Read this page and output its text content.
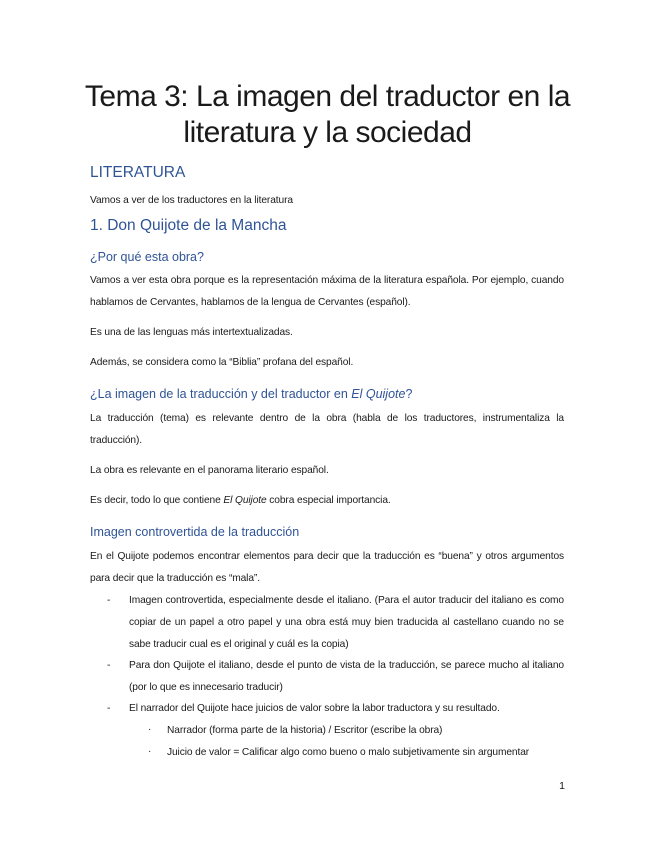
Tema 3: La imagen del traductor en la
literatura y la sociedad
LITERATURA

Vamos a ver de los traductores en la literatura

1. Don Quijote de la Mancha
¿Por qué esta obra?

Vamos a ver esta obra porque es la representación máxima de la literatura española. Por ejemplo, cuando hablamos de Cervantes, hablamos de la lengua de Cervantes (español).

Es una de las lenguas más intertextualizadas.

Además, se considera como la “Biblia” profana del español.

¿La imagen de la traducción y del traductor en El Quijote?

La traducción (tema) es relevante dentro de la obra (habla de los traductores, instrumentaliza la traducción).

La obra es relevante en el panorama literario español.

Es decir, todo lo que contiene El Quijote cobra especial importancia.

Imagen controvertida de la traducción

En el Quijote podemos encontrar elementos para decir que la traducción es “buena” y otros argumentos para decir que la traducción es “mala”.

- Imagen controvertida, especialmente desde el italiano. (Para el autor traducir del italiano es como copiar de un papel a otro papel y una obra está muy bien traducida al castellano cuando no se sabe traducir cual es el original y cuál es la copia)
- Para don Quijote el italiano, desde el punto de vista de la traducción, se parece mucho al italiano (por lo que es innecesario traducir)
- El narrador del Quijote hace juicios de valor sobre la labor traductora y su resultado.
· Narrador (forma parte de la historia) / Escritor (escribe la obra)
· Juicio de valor = Calificar algo como bueno o malo subjetivamente sin argumentar

1
